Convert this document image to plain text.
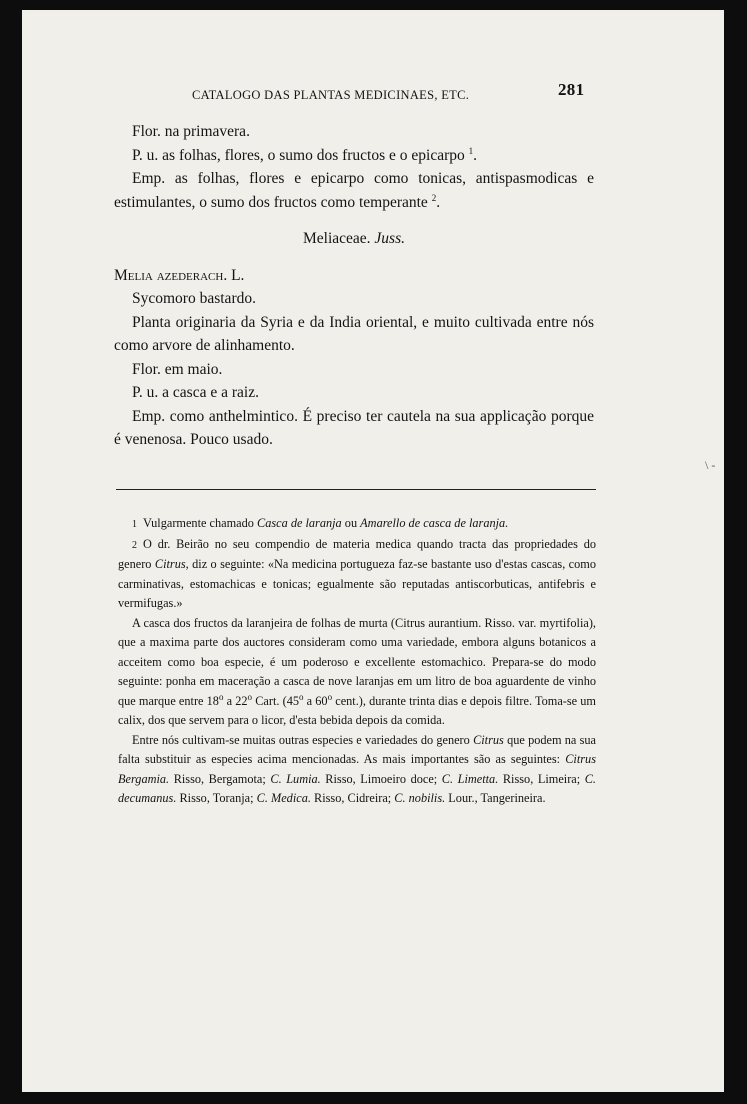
CATALOGO DAS PLANTAS MEDICINAES, ETC.	281

Flor. na primavera.

P. u. as folhas, flores, o sumo dos fructos e o epicarpo $^1$.

Emp. as folhas, flores e epicarpo como tonicas, antispasmodicas e estimulantes, o sumo dos fructos como temperante $^2$.

Meliaceae. Juss.

Melia azederach. L.

Sycomoro bastardo.

Planta originaria da Syria e da India oriental, e muito cultivada entre nós como arvore de alinhamento.

Flor. em maio.

P. u. a casca e a raiz.

Emp. como anthelmintico. É preciso ter cautela na sua applicação porque é venenosa. Pouco usado.

1 Vulgarmente chamado Casca de laranja ou Amarello de casca de laranja.

2 O dr. Beirão no seu compendio de materia medica quando tracta das propriedades do genero Citrus, diz o seguinte: «Na medicina portugueza faz-se bastante uso d'estas cascas, como carminativas, estomachicas e tonicas; egualmente são reputadas antiscorbuticas, antifebris e vermifugas.»

A casca dos fructos da laranjeira de folhas de murta (Citrus aurantium. Risso. var. myrtifolia), que a maxima parte dos auctores consideram como uma variedade, embora alguns botanicos a acceitem como boa especie, é um poderoso e excellente estomachico. Prepara-se do modo seguinte: ponha em maceração a casca de nove laranjas em um litro de boa aguardente de vinho que marque entre 18$^o$ a 22$^o$ Cart. (45$^o$ a 60$^o$ cent.), durante trinta dias e depois filtre. Toma-se um calix, dos que servem para o licor, d'esta bebida depois da comida.

Entre nós cultivam-se muitas outras especies e variedades do genero Citrus que podem na sua falta substituir as especies acima mencionadas. As mais importantes são as seguintes: Citrus Bergamia. Risso, Bergamota; C. Lumia. Risso, Limoeiro doce; C. Limetta. Risso, Limeira; C. decumanus. Risso, Toranja; C. Medica. Risso, Cidreira; C. nobilis. Lour., Tangerineira.

\ -
